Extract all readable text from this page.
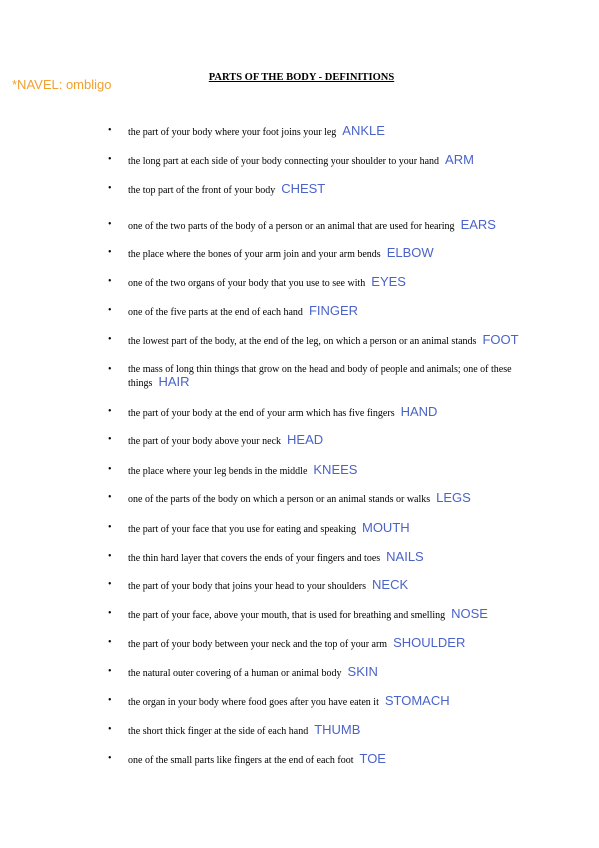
*NAVEL: ombligo	PARTS OF THE BODY - DEFINITIONS
• the part of your body where your foot joins your leg ANKLE
• the long part at each side of your body connecting your shoulder to your hand ARM
• the top part of the front of your body CHEST
• one of the two parts of the body of a person or an animal that are used for hearing EARS
• the place where the bones of your arm join and your arm bends ELBOW
• one of the two organs of your body that you use to see with EYES
• one of the five parts at the end of each hand FINGER
• the lowest part of the body, at the end of the leg, on which a person or an animal stands FOOT
• the mass of long thin things that grow on the head and body of people and animals; one of these things HAIR
• the part of your body at the end of your arm which has five fingers HAND
• the part of your body above your neck HEAD
• the place where your leg bends in the middle KNEES
• one of the parts of the body on which a person or an animal stands or walks LEGS
• the part of your face that you use for eating and speaking MOUTH
• the thin hard layer that covers the ends of your fingers and toes NAILS
• the part of your body that joins your head to your shoulders NECK
• the part of your face, above your mouth, that is used for breathing and smelling NOSE
• the part of your body between your neck and the top of your arm SHOULDER
• the natural outer covering of a human or animal body SKIN
• the organ in your body where food goes after you have eaten it STOMACH
• the short thick finger at the side of each hand THUMB
• one of the small parts like fingers at the end of each foot TOE
